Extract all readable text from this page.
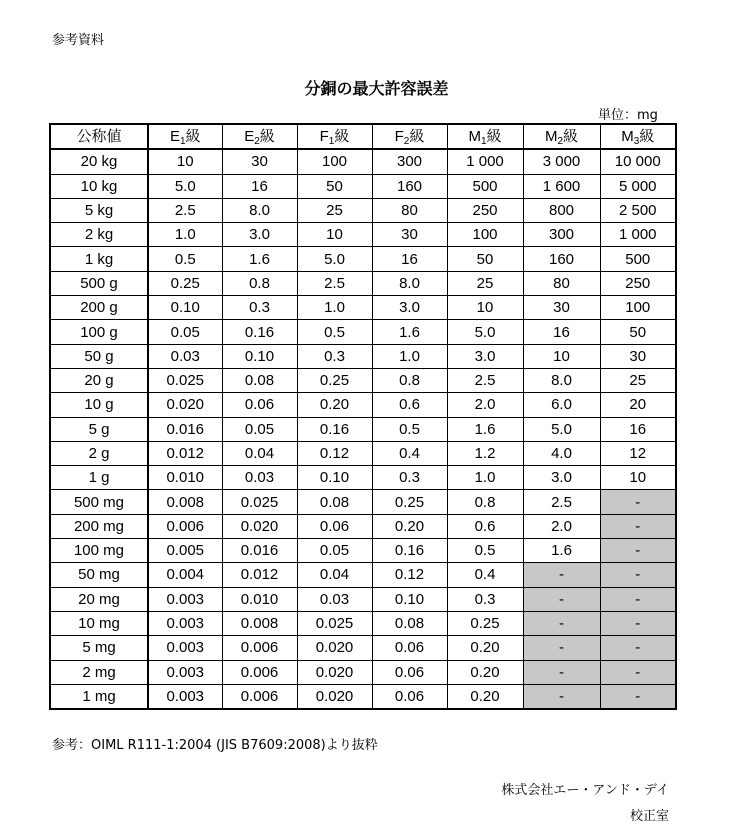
参考資料
分銅の最大許容誤差
単位：mg
公称値	$E_1$級	$E_2$級	$F_1$級	$F_2$級	$M_1$級	$M_2$級	$M_3$級
20 kg	10	30	100	300	1 000	3 000	10 000
10 kg	5.0	16	50	160	500	1 600	5 000
5 kg	2.5	8.0	25	80	250	800	2 500
2 kg	1.0	3.0	10	30	100	300	1 000
1 kg	0.5	1.6	5.0	16	50	160	500
500 g	0.25	0.8	2.5	8.0	25	80	250
200 g	0.10	0.3	1.0	3.0	10	30	100
100 g	0.05	0.16	0.5	1.6	5.0	16	50
50 g	0.03	0.10	0.3	1.0	3.0	10	30
20 g	0.025	0.08	0.25	0.8	2.5	8.0	25
10 g	0.020	0.06	0.20	0.6	2.0	6.0	20
5 g	0.016	0.05	0.16	0.5	1.6	5.0	16
2 g	0.012	0.04	0.12	0.4	1.2	4.0	12
1 g	0.010	0.03	0.10	0.3	1.0	3.0	10
500 mg	0.008	0.025	0.08	0.25	0.8	2.5	-
200 mg	0.006	0.020	0.06	0.20	0.6	2.0	-
100 mg	0.005	0.016	0.05	0.16	0.5	1.6	-
50 mg	0.004	0.012	0.04	0.12	0.4	-	-
20 mg	0.003	0.010	0.03	0.10	0.3	-	-
10 mg	0.003	0.008	0.025	0.08	0.25	-	-
5 mg	0.003	0.006	0.020	0.06	0.20	-	-
2 mg	0.003	0.006	0.020	0.06	0.20	-	-
1 mg	0.003	0.006	0.020	0.06	0.20	-	-
参考：OIML R111-1:2004 (JIS B7609:2008)より抜粋
株式会社エー・アンド・デイ
校正室
